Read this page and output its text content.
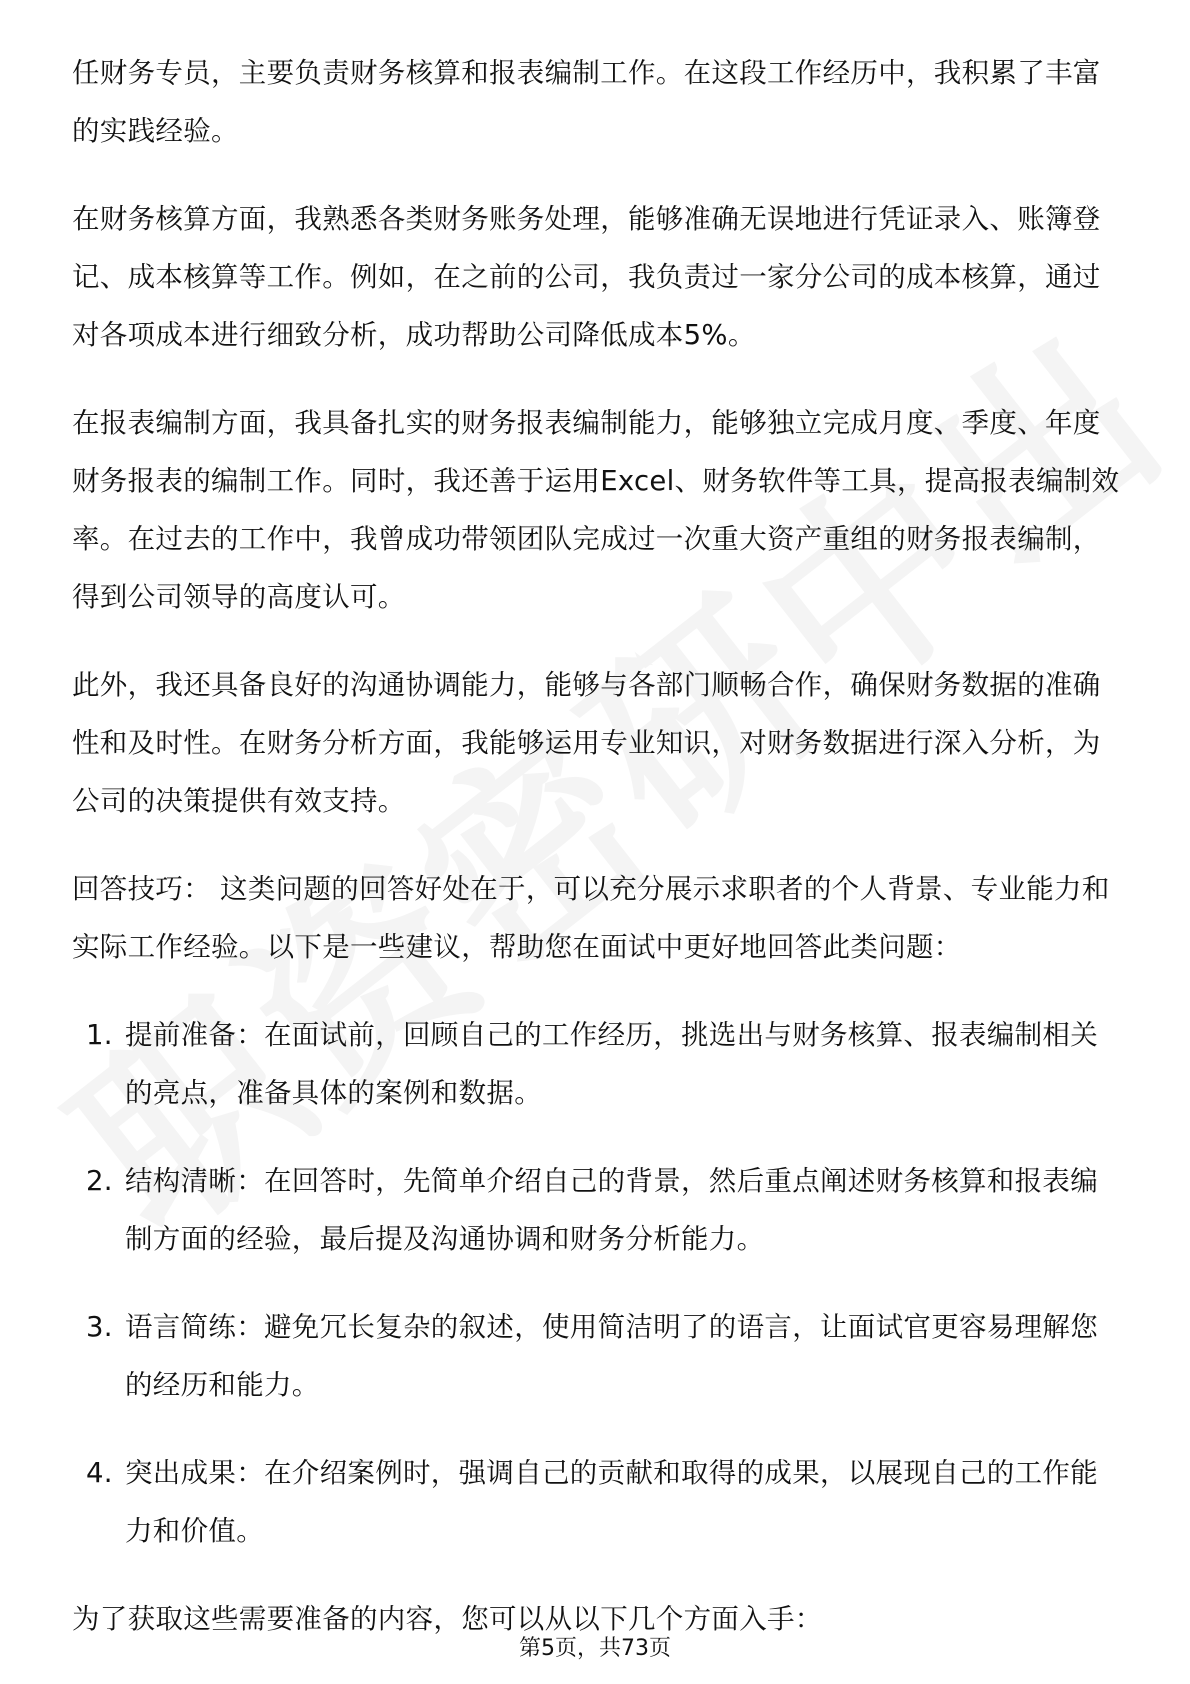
任财务专员，主要负责财务核算和报表编制工作。在这段工作经历中，我积累了丰富的实践经验。

在财务核算方面，我熟悉各类财务账务处理，能够准确无误地进行凭证录入、账簿登记、成本核算等工作。例如，在之前的公司，我负责过一家分公司的成本核算，通过对各项成本进行细致分析，成功帮助公司降低成本5%。

在报表编制方面，我具备扎实的财务报表编制能力，能够独立完成月度、季度、年度财务报表的编制工作。同时，我还善于运用Excel、财务软件等工具，提高报表编制效率。在过去的工作中，我曾成功带领团队完成过一次重大资产重组的财务报表编制，得到公司领导的高度认可。

此外，我还具备良好的沟通协调能力，能够与各部门顺畅合作，确保财务数据的准确性和及时性。在财务分析方面，我能够运用专业知识，对财务数据进行深入分析，为公司的决策提供有效支持。

回答技巧： 这类问题的回答好处在于，可以充分展示求职者的个人背景、专业能力和实际工作经验。以下是一些建议，帮助您在面试中更好地回答此类问题：

1. 提前准备：在面试前，回顾自己的工作经历，挑选出与财务核算、报表编制相关的亮点，准备具体的案例和数据。
2. 结构清晰：在回答时，先简单介绍自己的背景，然后重点阐述财务核算和报表编制方面的经验，最后提及沟通协调和财务分析能力。
3. 语言简练：避免冗长复杂的叙述，使用简洁明了的语言，让面试官更容易理解您的经历和能力。
4. 突出成果：在介绍案例时，强调自己的贡献和取得的成果，以展现自己的工作能力和价值。

为了获取这些需要准备的内容，您可以从以下几个方面入手：

第5页，共73页
